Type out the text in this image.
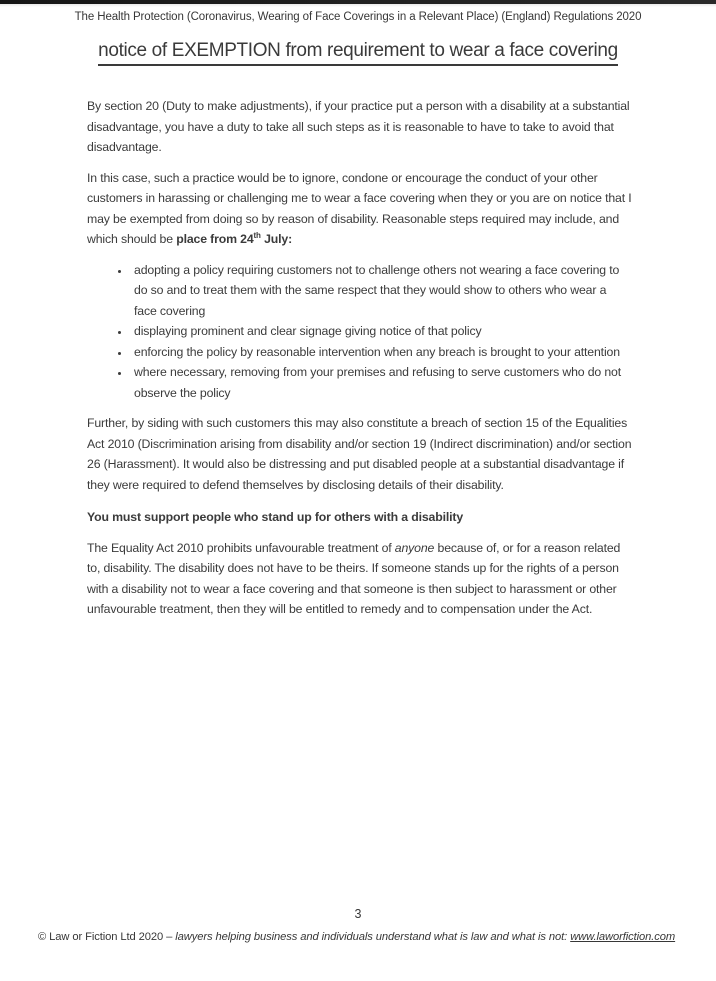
The Health Protection (Coronavirus, Wearing of Face Coverings in a Relevant Place) (England) Regulations 2020

notice of EXEMPTION from requirement to wear a face covering

By section 20 (Duty to make adjustments), if your practice put a person with a disability at a substantial disadvantage, you have a duty to take all such steps as it is reasonable to have to take to avoid that disadvantage.

In this case, such a practice would be to ignore, condone or encourage the conduct of your other customers in harassing or challenging me to wear a face covering when they or you are on notice that I may be exempted from doing so by reason of disability. Reasonable steps required may include, and which should be place from 24th July:

• adopting a policy requiring customers not to challenge others not wearing a face covering to do so and to treat them with the same respect that they would show to others who wear a face covering
• displaying prominent and clear signage giving notice of that policy
• enforcing the policy by reasonable intervention when any breach is brought to your attention
• where necessary, removing from your premises and refusing to serve customers who do not observe the policy

Further, by siding with such customers this may also constitute a breach of section 15 of the Equalities Act 2010 (Discrimination arising from disability and/or section 19 (Indirect discrimination) and/or section 26 (Harassment). It would also be distressing and put disabled people at a substantial disadvantage if they were required to defend themselves by disclosing details of their disability.

You must support people who stand up for others with a disability

The Equality Act 2010 prohibits unfavourable treatment of anyone because of, or for a reason related to, disability. The disability does not have to be theirs. If someone stands up for the rights of a person with a disability not to wear a face covering and that someone is then subject to harassment or other unfavourable treatment, then they will be entitled to remedy and to compensation under the Act.

3
© Law or Fiction Ltd 2020 – lawyers helping business and individuals understand what is law and what is not: www.laworfiction.com
